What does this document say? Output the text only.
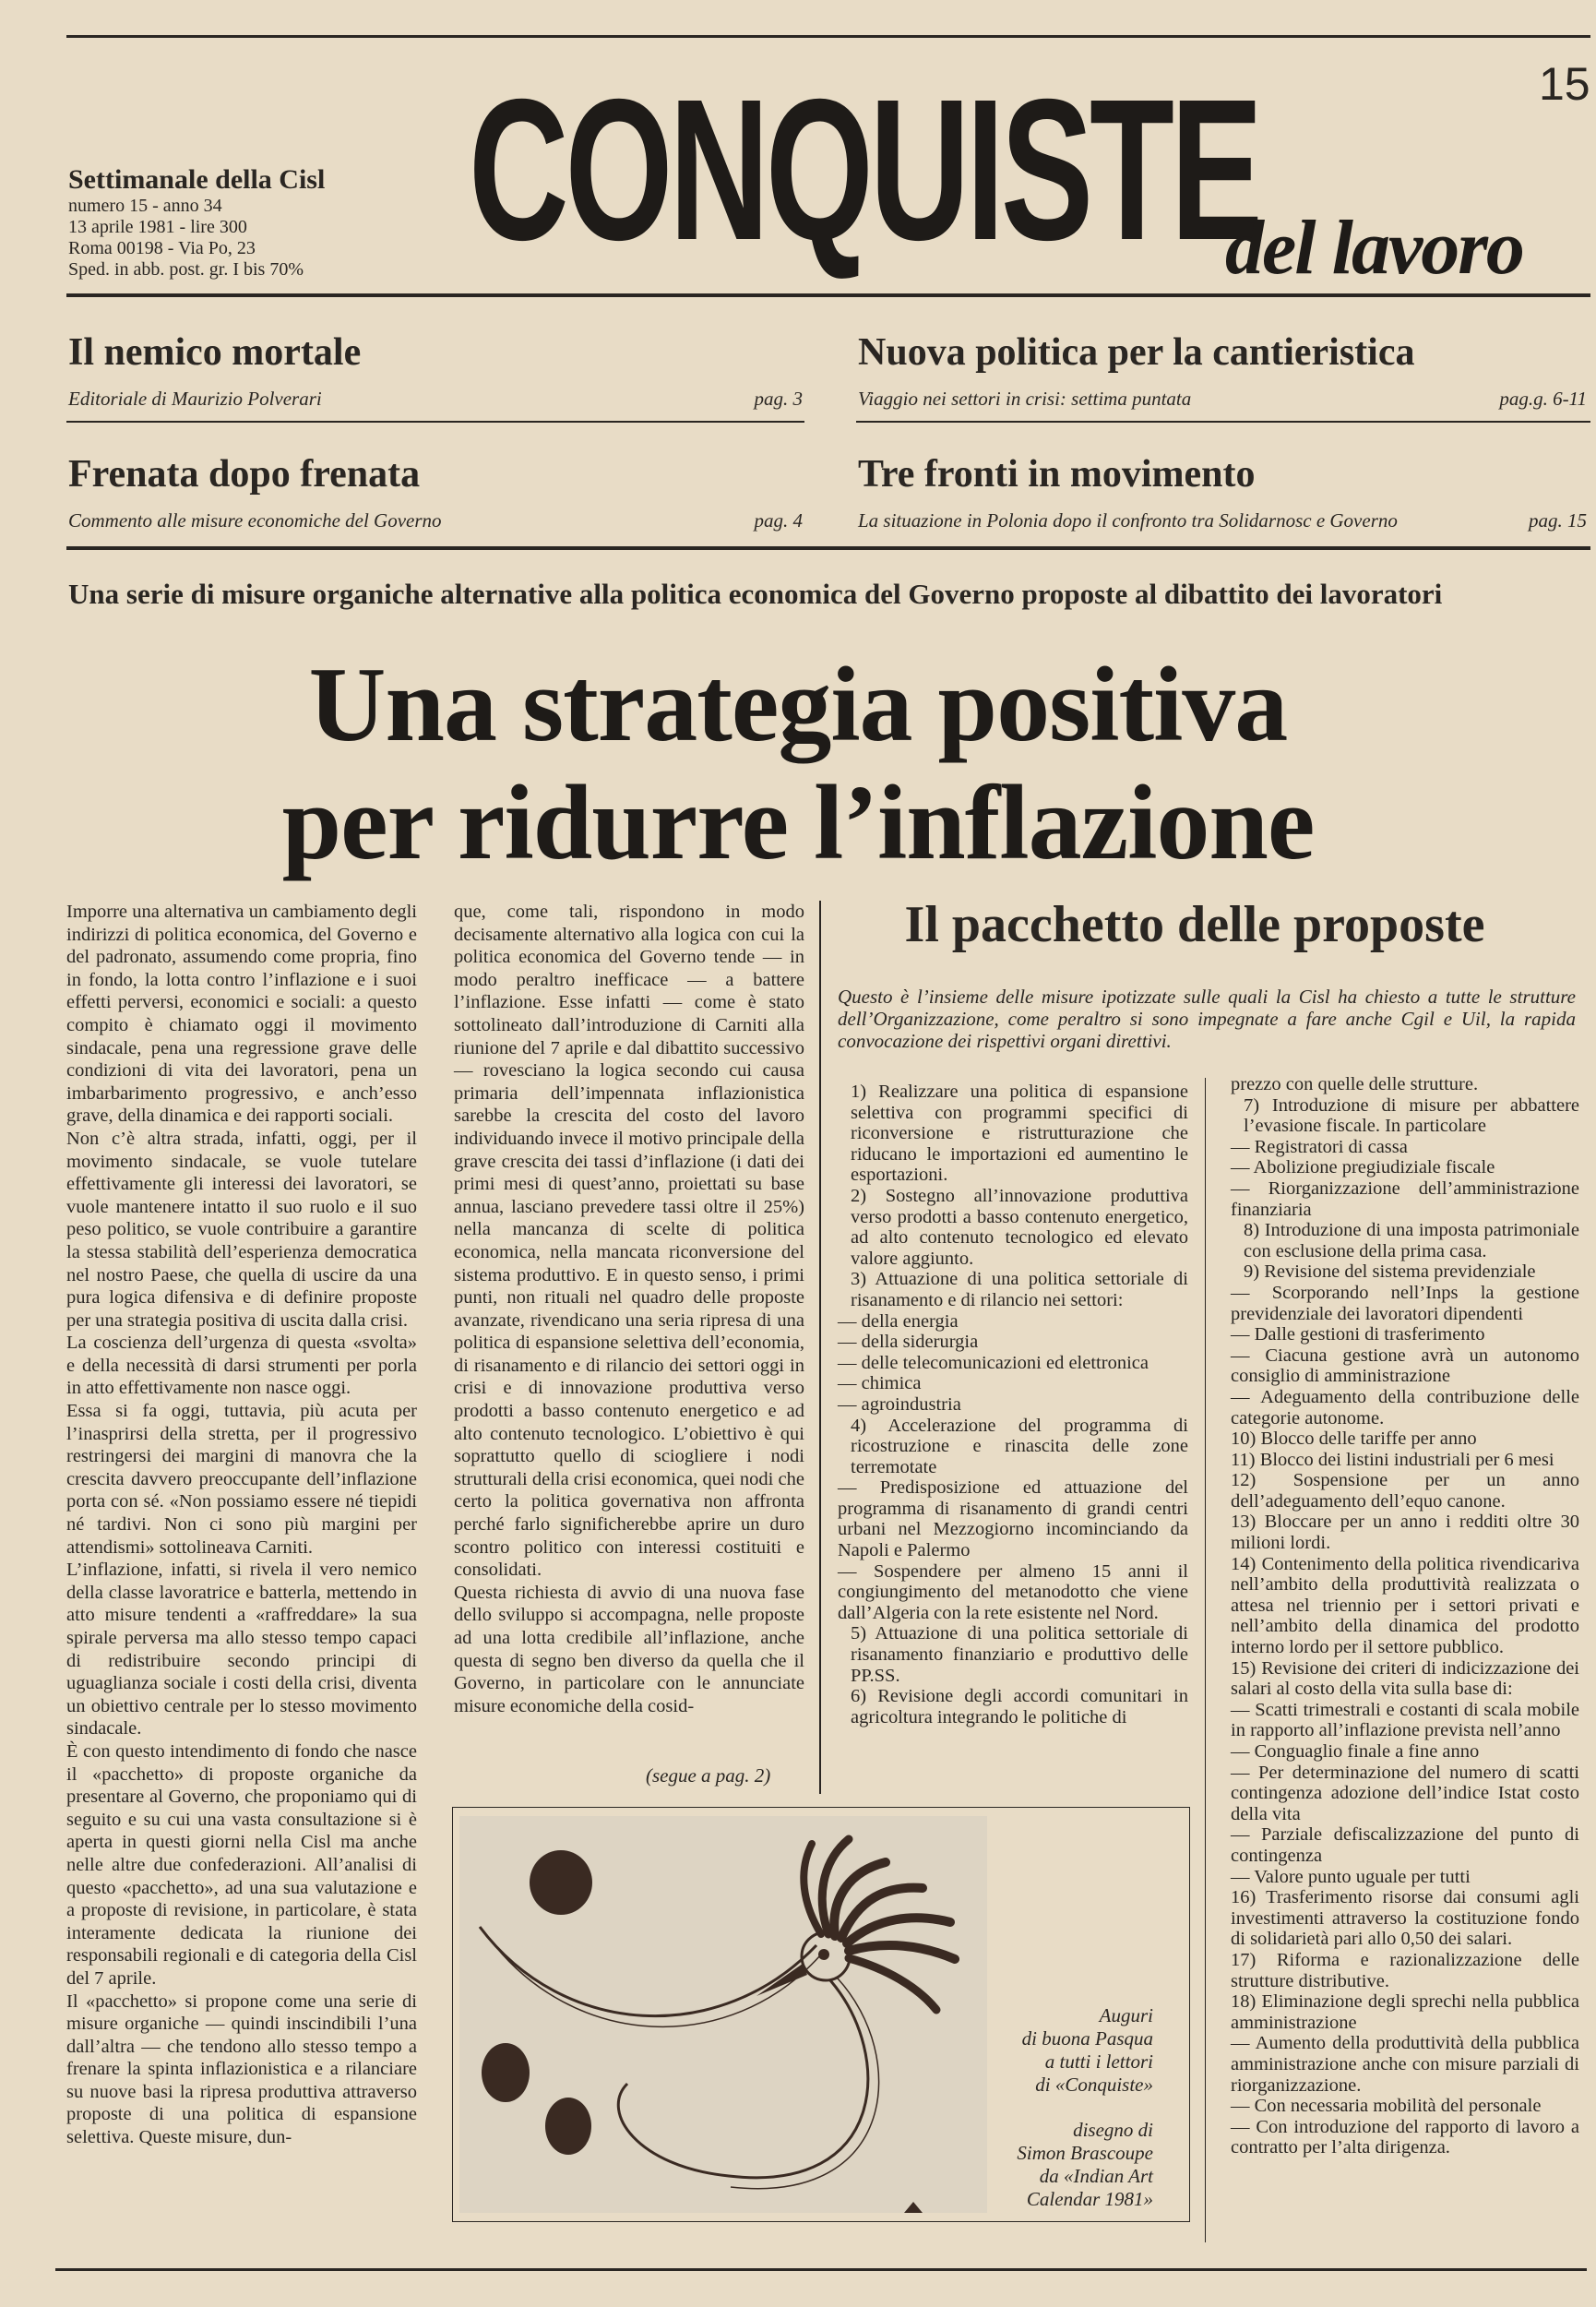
15
Settimanale della Cisl
numero 15 - anno 34
13 aprile 1981 - lire 300
Roma 00198 - Via Po, 23
Sped. in abb. post. gr. I bis 70% CONQUISTE
del lavoro
Il nemico mortale
Editoriale di Maurizio Polverari	pag. 3
Nuova politica per la cantieristica
Viaggio nei settori in crisi: settima puntata	pag.g. 6-11
Frenata dopo frenata
Commento alle misure economiche del Governo	pag. 4
Tre fronti in movimento
La situazione in Polonia dopo il confronto tra Solidarnosc e Governo	pag. 15
Una serie di misure organiche alternative alla politica economica del Governo proposte al dibattito dei lavoratori
Una strategia positiva
per ridurre l’inflazione

Imporre una alternativa un cambiamento degli indirizzi di politica economica, del Governo e del padronato, assumendo come propria, fino in fondo, la lotta contro l’inflazione e i suoi effetti perversi, economici e sociali: a questo compito è chiamato oggi il movimento sindacale, pena una regressione grave delle condizioni di vita dei lavoratori, pena un imbarbarimento progressivo, e anch’esso grave, della dinamica e dei rapporti sociali.

Non c’è altra strada, infatti, oggi, per il movimento sindacale, se vuole tutelare effettivamente gli interessi dei lavoratori, se vuole mantenere intatto il suo ruolo e il suo peso politico, se vuole contribuire a garantire la stessa stabilità dell’esperienza democratica nel nostro Paese, che quella di uscire da una pura logica difensiva e di definire proposte per una strategia positiva di uscita dalla crisi.

La coscienza dell’urgenza di questa «svolta» e della necessità di darsi strumenti per porla in atto effettivamente non nasce oggi.

Essa si fa oggi, tuttavia, più acuta per l’inasprirsi della stretta, per il progressivo restringersi dei margini di manovra che la crescita davvero preoccupante dell’inflazione porta con sé. «Non possiamo essere né tiepidi né tardivi. Non ci sono più margini per attendismi» sottolineava Carniti.

L’inflazione, infatti, si rivela il vero nemico della classe lavoratrice e batterla, mettendo in atto misure tendenti a «raffreddare» la sua spirale perversa ma allo stesso tempo capaci di redistribuire secondo principi di uguaglianza sociale i costi della crisi, diventa un obiettivo centrale per lo stesso movimento sindacale.

È con questo intendimento di fondo che nasce il «pacchetto» di proposte organiche da presentare al Governo, che proponiamo qui di seguito e su cui una vasta consultazione si è aperta in questi giorni nella Cisl ma anche nelle altre due confederazioni. All’analisi di questo «pacchetto», ad una sua valutazione e a proposte di revisione, in particolare, è stata interamente dedicata la riunione dei responsabili regionali e di categoria della Cisl del 7 aprile.

Il «pacchetto» si propone come una serie di misure organiche — quindi inscindibili l’una dall’altra — che tendono allo stesso tempo a frenare la spinta inflazionistica e a rilanciare su nuove basi la ripresa produttiva attraverso proposte di una politica di espansione selettiva. Queste misure, dun-

que, come tali, rispondono in modo decisamente alternativo alla logica con cui la politica economica del Governo tende — in modo peraltro inefficace — a battere l’inflazione. Esse infatti — come è stato sottolineato dall’introduzione di Carniti alla riunione del 7 aprile e dal dibattito successivo — rovesciano la logica secondo cui causa primaria dell’impennata inflazionistica sarebbe la crescita del costo del lavoro individuando invece il motivo principale della grave crescita dei tassi d’inflazione (i dati dei primi mesi di quest’anno, proiettati su base annua, lasciano prevedere tassi oltre il 25%) nella mancanza di scelte di politica economica, nella mancata riconversione del sistema produttivo. E in questo senso, i primi punti, non rituali nel quadro delle proposte avanzate, rivendicano una seria ripresa di una politica di espansione selettiva dell’economia, di risanamento e di rilancio dei settori oggi in crisi e di innovazione produttiva verso prodotti a basso contenuto energetico e ad alto contenuto tecnologico. L’obiettivo è qui soprattutto quello di sciogliere i nodi strutturali della crisi economica, quei nodi che certo la politica governativa non affronta perché farlo significherebbe aprire un duro scontro politico con interessi costituiti e consolidati.

Questa richiesta di avvio di una nuova fase dello sviluppo si accompagna, nelle proposte ad una lotta credibile all’inflazione, anche questa di segno ben diverso da quella che il Governo, in particolare con le annunciate misure economiche della cosid-

(segue a pag. 2)
Il pacchetto delle proposte
Questo è l’insieme delle misure ipotizzate sulle quali la Cisl ha chiesto a tutte le strutture dell’Organizzazione, come peraltro si sono impegnate a fare anche Cgil e Uil, la rapida convocazione dei rispettivi organi direttivi.
1) Realizzare una politica di espansione selettiva con programmi specifici di riconversione e ristrutturazione che riducano le importazioni ed aumentino le esportazioni.
2) Sostegno all’innovazione produttiva verso prodotti a basso contenuto energetico, ad alto contenuto tecnologico ed elevato valore aggiunto.
3) Attuazione di una politica settoriale di risanamento e di rilancio nei settori:
— della energia
— della siderurgia
— delle telecomunicazioni ed elettronica
— chimica
— agroindustria
4) Accelerazione del programma di ricostruzione e rinascita delle zone terremotate
— Predisposizione ed attuazione del programma di risanamento di grandi centri urbani nel Mezzogiorno incominciando da Napoli e Palermo
— Sospendere per almeno 15 anni il congiungimento del metanodotto che viene dall’Algeria con la rete esistente nel Nord.
5) Attuazione di una politica settoriale di risanamento finanziario e produttivo delle PP.SS.
6) Revisione degli accordi comunitari in agricoltura integrando le politiche di
prezzo con quelle delle strutture.
7) Introduzione di misure per abbattere l’evasione fiscale. In particolare
— Registratori di cassa
— Abolizione pregiudiziale fiscale
— Riorganizzazione dell’amministrazione finanziaria
8) Introduzione di una imposta patrimoniale con esclusione della prima casa.
9) Revisione del sistema previdenziale
— Scorporando nell’Inps la gestione previdenziale dei lavoratori dipendenti
— Dalle gestioni di trasferimento
— Ciacuna gestione avrà un autonomo consiglio di amministrazione
— Adeguamento della contribuzione delle categorie autonome.
10) Blocco delle tariffe per anno
11) Blocco dei listini industriali per 6 mesi
12) Sospensione per un anno dell’adeguamento dell’equo canone.
13) Bloccare per un anno i redditi oltre 30 milioni lordi.
14) Contenimento della politica rivendicariva nell’ambito della produttività realizzata o attesa nel triennio per i settori privati e nell’ambito della dinamica del prodotto interno lordo per il settore pubblico.
15) Revisione dei criteri di indicizzazione dei salari al costo della vita sulla base di:
— Scatti trimestrali e costanti di scala mobile in rapporto all’inflazione prevista nell’anno
— Conguaglio finale a fine anno
— Per determinazione del numero di scatti contingenza adozione dell’indice Istat costo della vita
— Parziale defiscalizzazione del punto di contingenza
— Valore punto uguale per tutti
16) Trasferimento risorse dai consumi agli investimenti attraverso la costituzione fondo di solidarietà pari allo 0,50 dei salari.
17) Riforma e razionalizzazione delle strutture distributive.
18) Eliminazione degli sprechi nella pubblica amministrazione
— Aumento della produttività della pubblica amministrazione anche con misure parziali di riorganizzazione.
— Con necessaria mobilità del personale
— Con introduzione del rapporto di lavoro a contratto per l’alta dirigenza.
Auguri
di buona Pasqua
a tutti i lettori
di «Conquiste»
disegno di
Simon Brascoupe
da «Indian Art
Calendar 1981»
